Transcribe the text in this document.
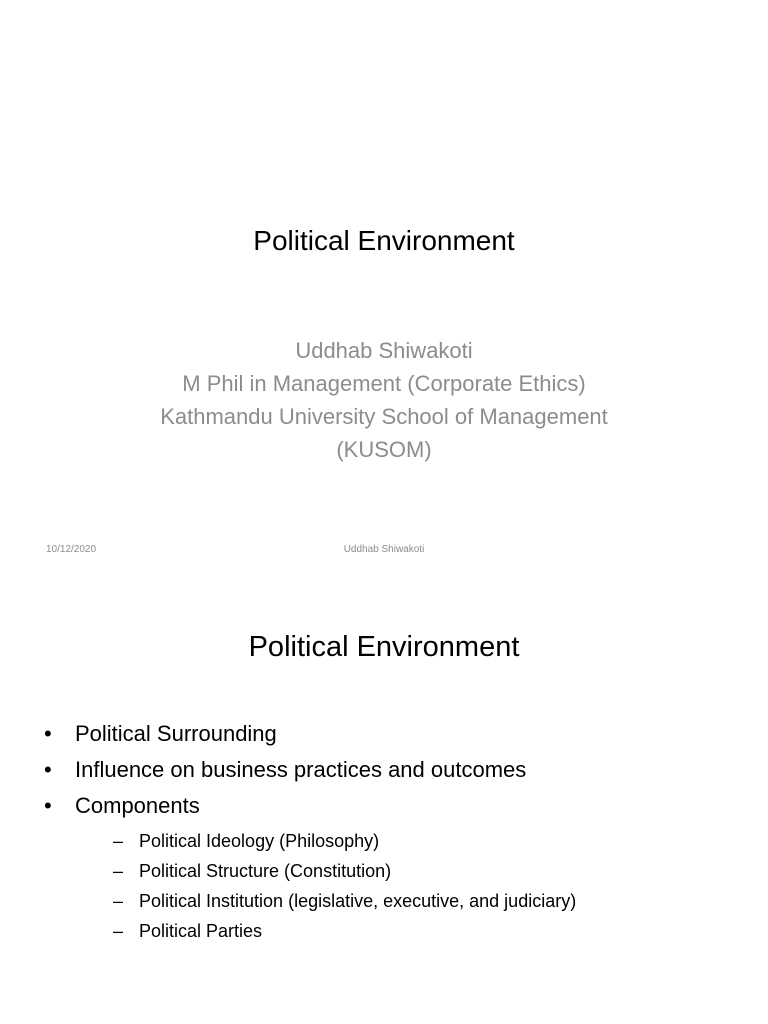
Political Environment
Uddhab Shiwakoti
M Phil in Management (Corporate Ethics)
Kathmandu University School of Management
(KUSOM)
10/12/2020	Uddhab Shiwakoti
Political Environment
• Political Surrounding
• Influence on business practices and outcomes
• Components
– Political Ideology (Philosophy)
– Political Structure (Constitution)
– Political Institution (legislative, executive, and judiciary)
– Political Parties
